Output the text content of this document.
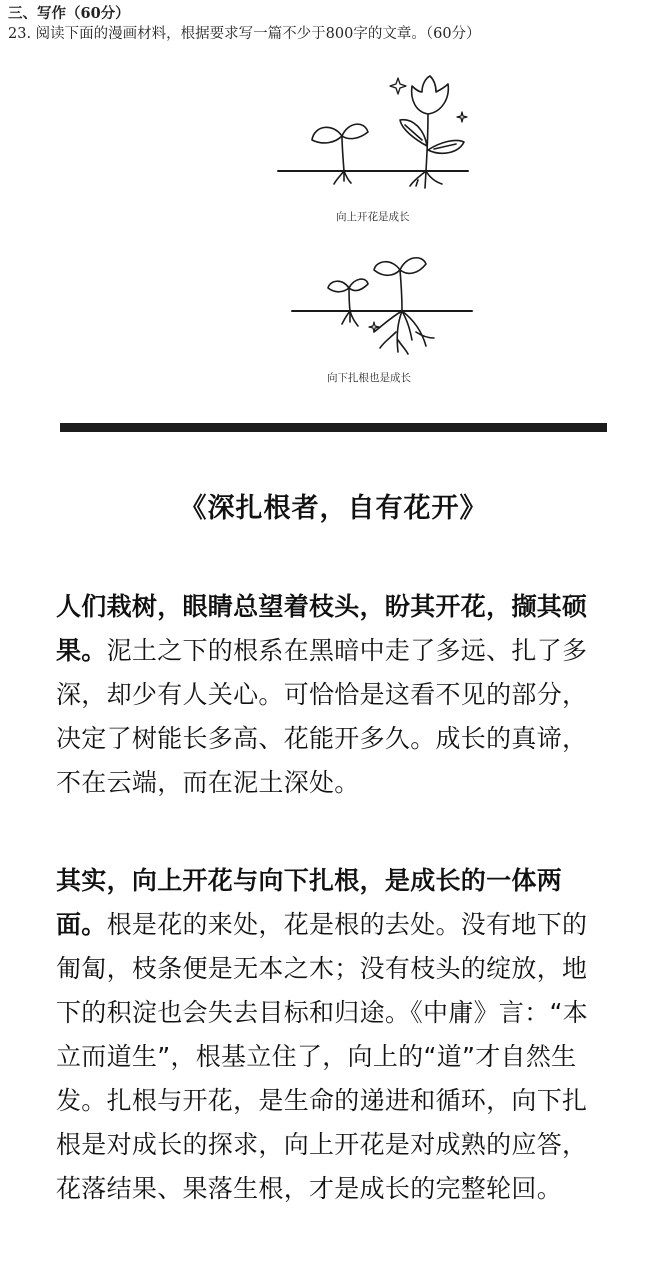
三、写作（60分）
23. 阅读下面的漫画材料，根据要求写一篇不少于800字的文章。（60分）
向上开花是成长
向下扎根也是成长
《深扎根者，自有花开》
人们栽树，眼睛总望着枝头，盼其开花，撷其硕果。泥土之下的根系在黑暗中走了多远、扎了多深，却少有人关心。可恰恰是这看不见的部分，决定了树能长多高、花能开多久。成长的真谛，不在云端，而在泥土深处。
其实，向上开花与向下扎根，是成长的一体两面。根是花的来处，花是根的去处。没有地下的匍匐，枝条便是无本之木；没有枝头的绽放，地下的积淀也会失去目标和归途。《中庸》言：“本立而道生”，根基立住了，向上的“道”才自然生发。扎根与开花，是生命的递进和循环，向下扎根是对成长的探求，向上开花是对成熟的应答，花落结果、果落生根，才是成长的完整轮回。
